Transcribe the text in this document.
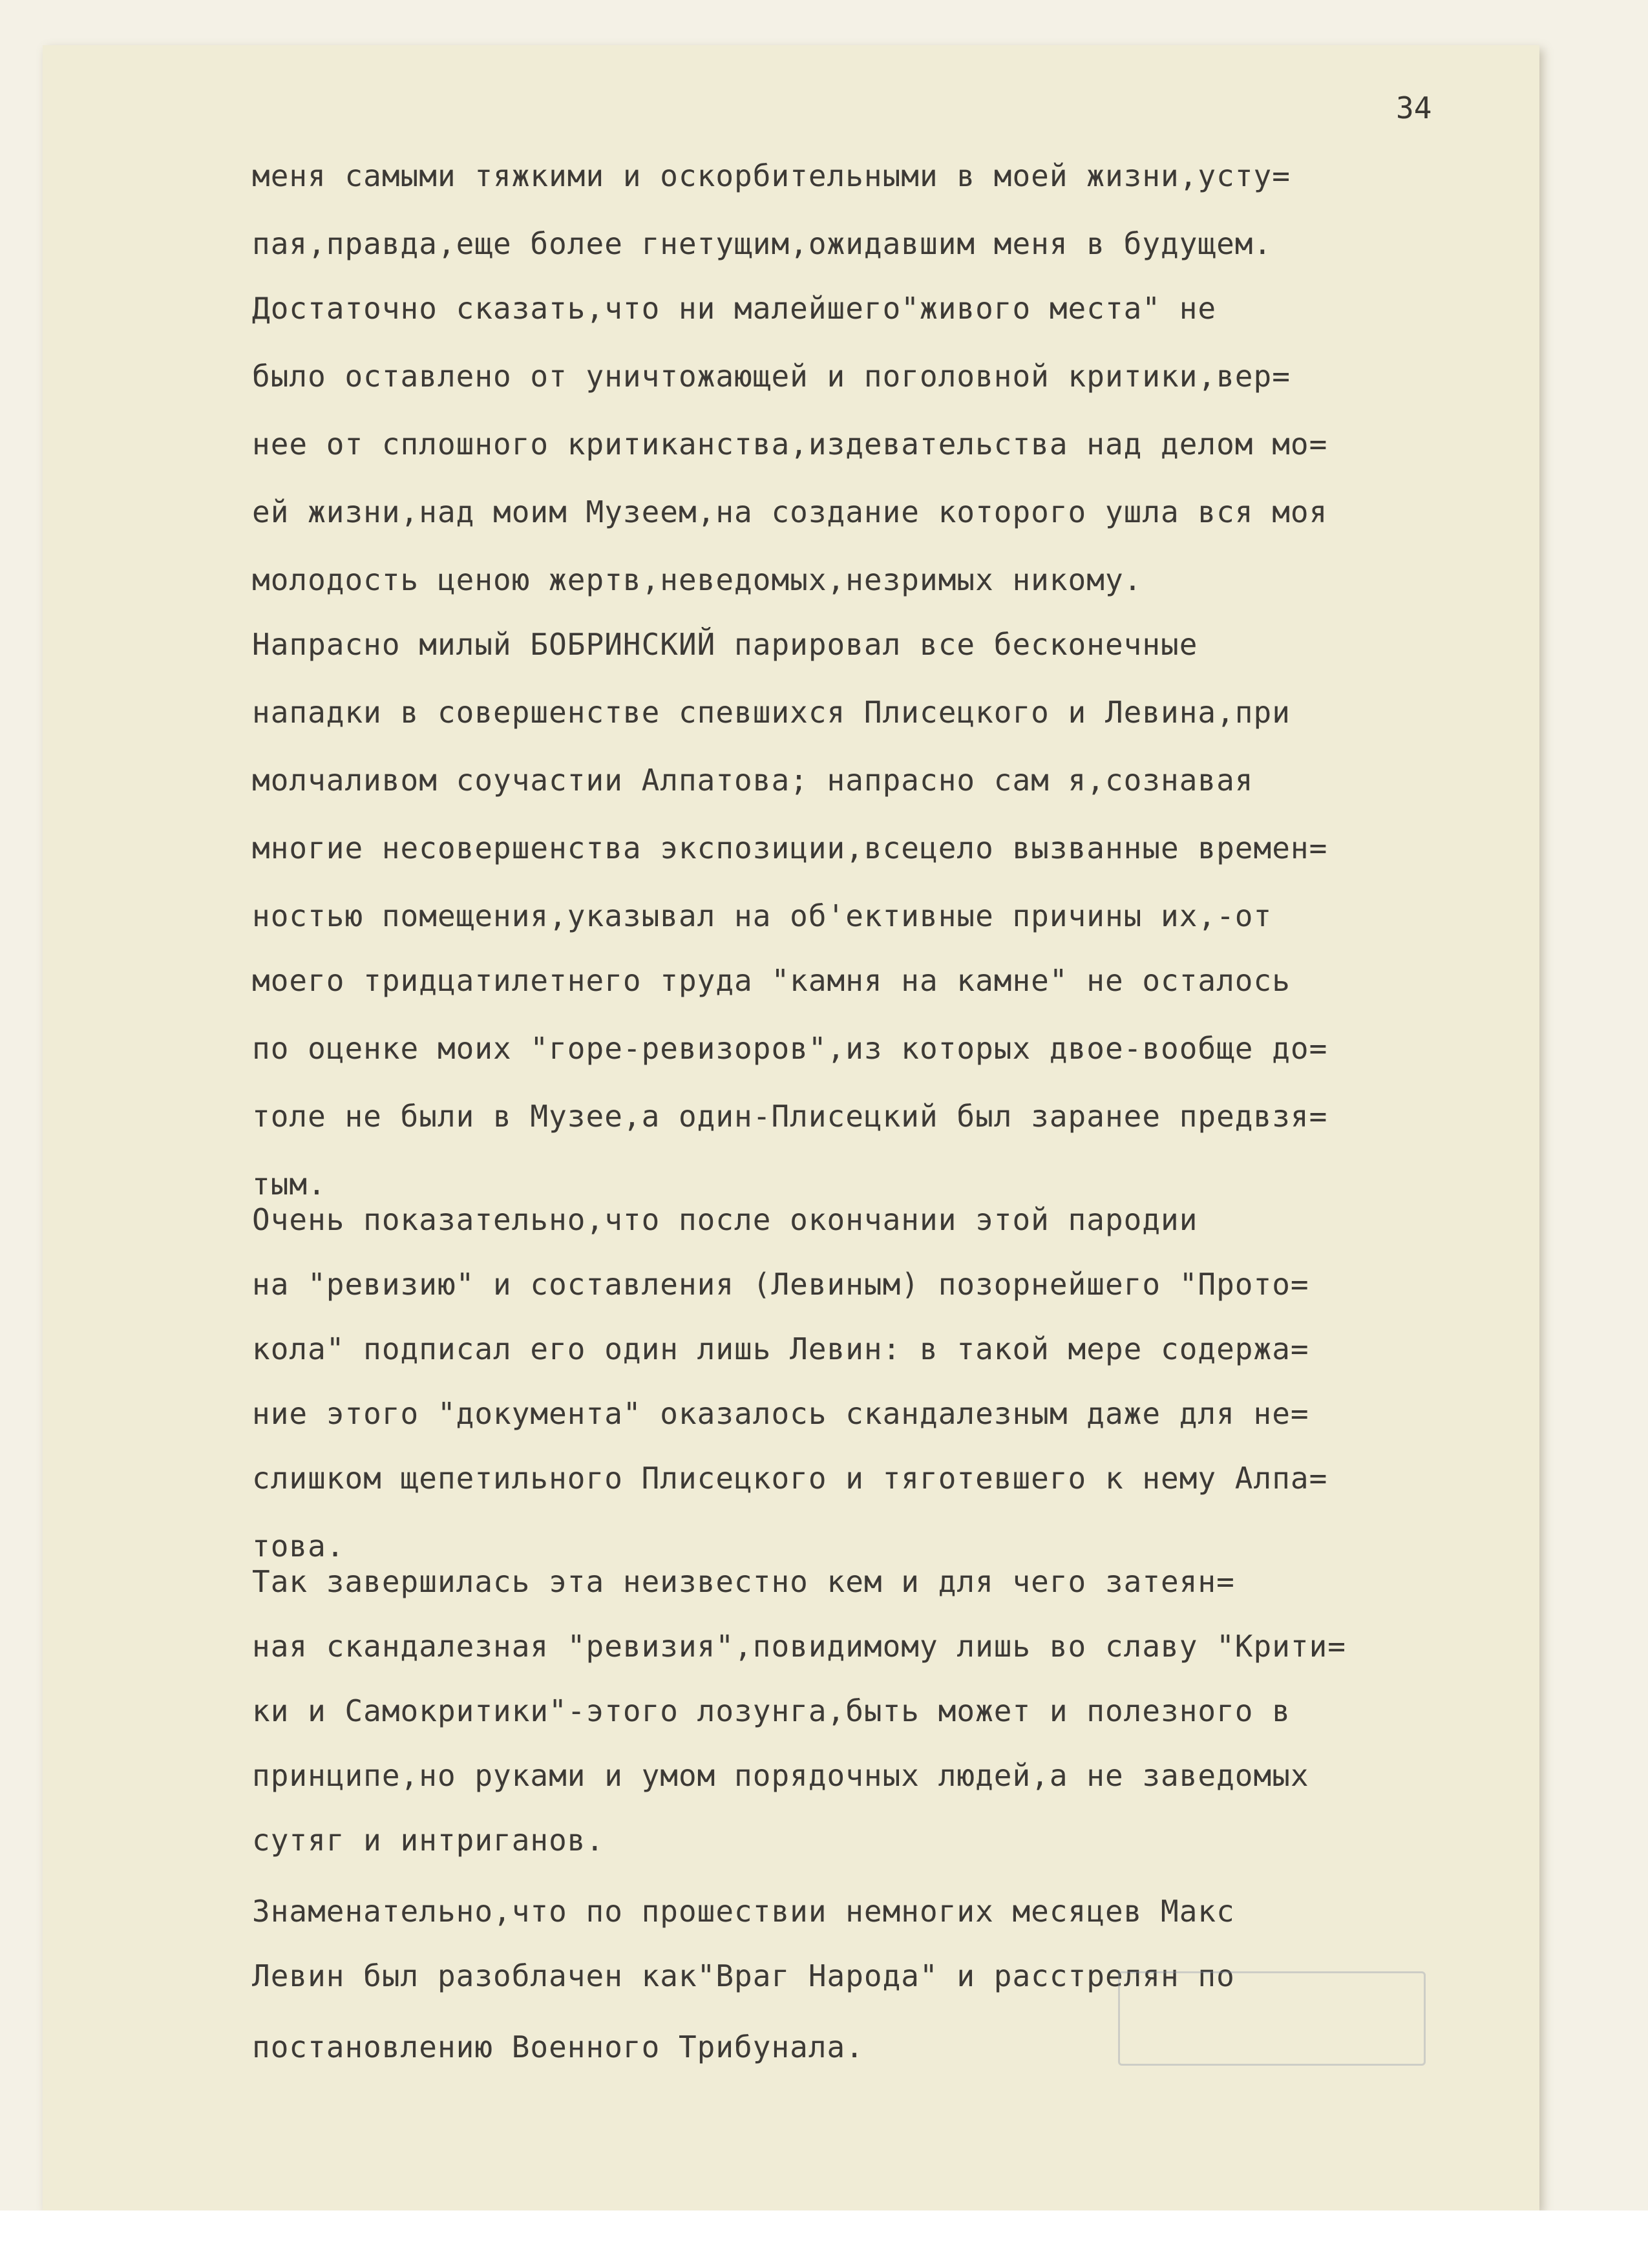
34
меня самыми тяжкими и оскорбительными в моей жизни,усту=
пая,правда,еще более гнетущим,ожидавшим меня в будущем.
Достаточно сказать,что ни малейшего"живого места" не
было оставлено от уничтожающей и поголовной критики,вер=
нее от сплошного критиканства,издевательства над делом мо=
ей жизни,над моим Музеем,на создание которого ушла вся моя
молодость ценою жертв,неведомых,незримых никому.
Напрасно милый БОБРИНСКИЙ парировал все бесконечные
нападки в совершенстве спевшихся Плисецкого и Левина,при
молчаливом соучастии Алпатова; напрасно сам я,сознавая
многие несовершенства экспозиции,всецело вызванные времен=
ностью помещения,указывал на об'ективные причины их,-от
моего тридцатилетнего труда "камня на камне" не осталось
по оценке моих "горе-ревизоров",из которых двое-вообще до=
толе не были в Музее,а один-Плисецкий был заранее предвзя=
тым.
Очень показательно,что после окончании этой пародии
на "ревизию" и составления (Левиным) позорнейшего "Прото=
кола" подписал его один лишь Левин: в такой мере содержа=
ние этого "документа" оказалось скандалезным даже для не=
слишком щепетильного Плисецкого и тяготевшего к нему Алпа=
това.
Так завершилась эта неизвестно кем и для чего затеян=
ная скандалезная "ревизия",повидимому лишь во славу "Крити=
ки и Самокритики"-этого лозунга,быть может и полезного в
принципе,но руками и умом порядочных людей,а не заведомых
сутяг и интриганов.
Знаменательно,что по прошествии немногих месяцев Макс
Левин был разоблачен как"Враг Народа" и расстрелян по
постановлению Военного Трибунала.
